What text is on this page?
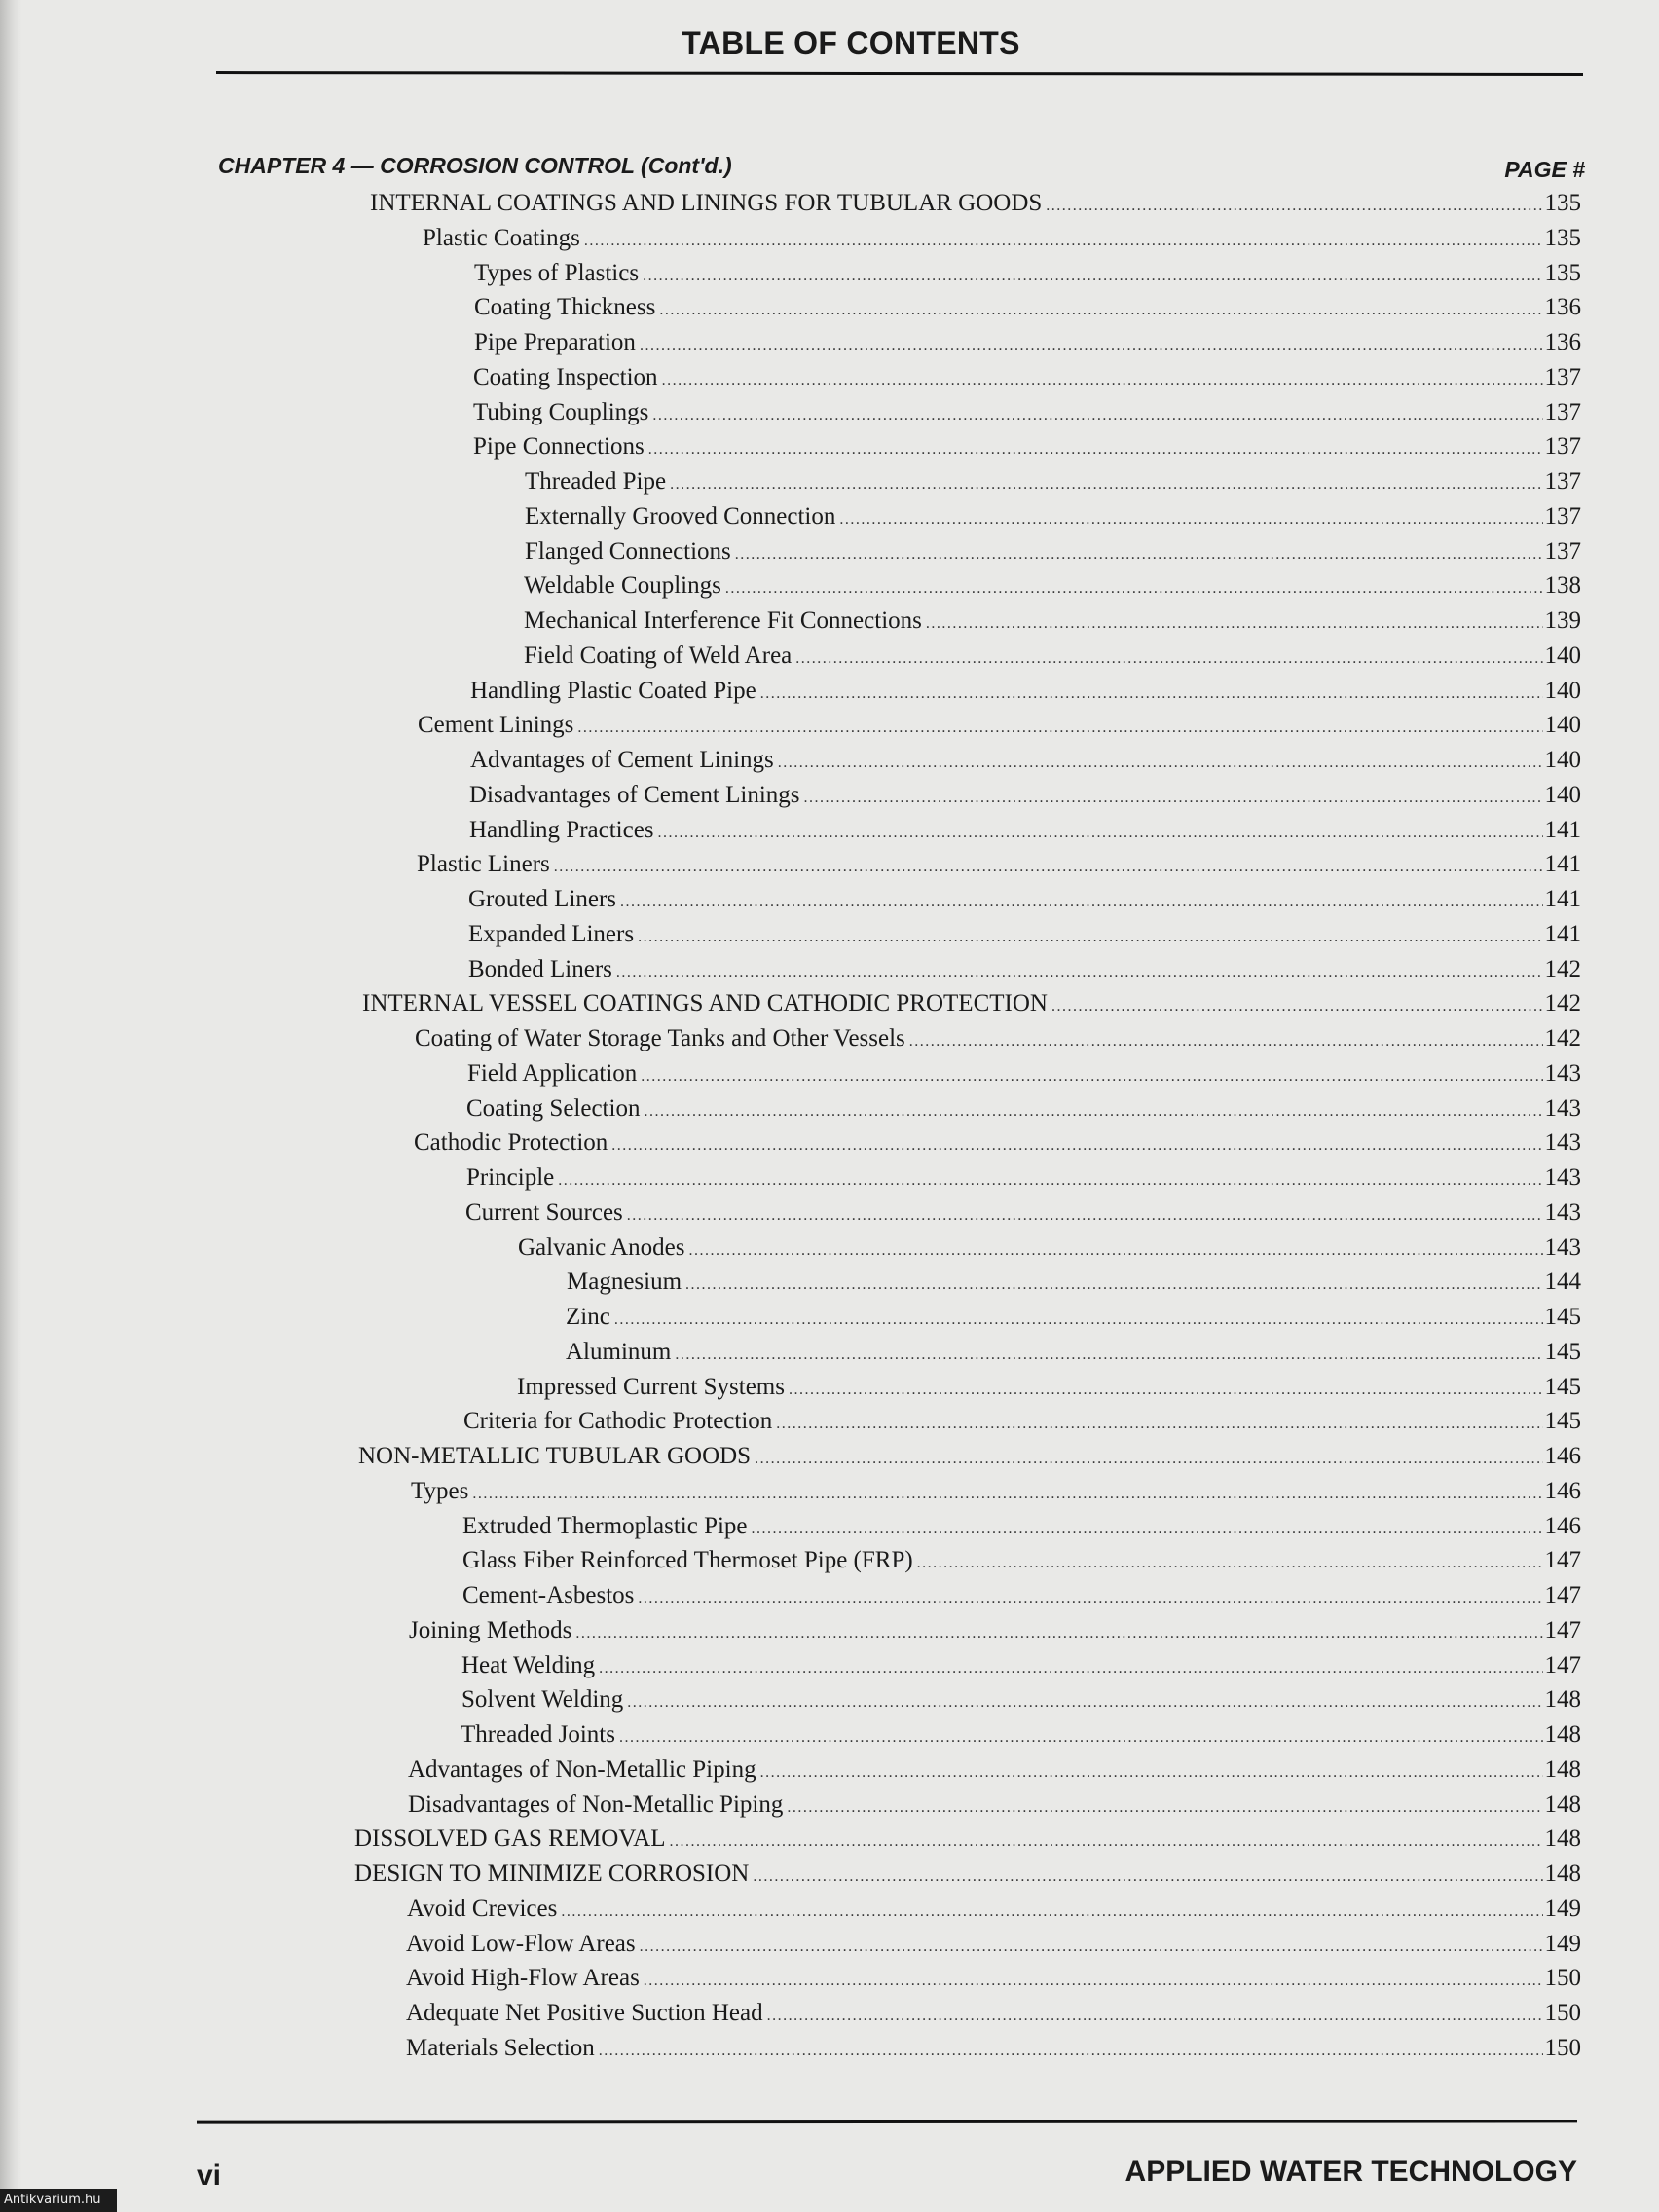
TABLE OF CONTENTS
CHAPTER 4 — CORROSION CONTROL (Cont'd.)	PAGE #
INTERNAL COATINGS AND LININGS FOR TUBULAR GOODS .....	135
Plastic Coatings .....	135
Types of Plastics .....	135
Coating Thickness .....	136
Pipe Preparation .....	136
Coating Inspection .....	137
Tubing Couplings .....	137
Pipe Connections .....	137
Threaded Pipe .....	137
Externally Grooved Connection .....	137
Flanged Connections .....	137
Weldable Couplings .....	138
Mechanical Interference Fit Connections .....	139
Field Coating of Weld Area .....	140
Handling Plastic Coated Pipe .....	140
Cement Linings .....	140
Advantages of Cement Linings .....	140
Disadvantages of Cement Linings .....	140
Handling Practices .....	141
Plastic Liners .....	141
Grouted Liners .....	141
Expanded Liners .....	141
Bonded Liners .....	142
INTERNAL VESSEL COATINGS AND CATHODIC PROTECTION .....	142
Coating of Water Storage Tanks and Other Vessels .....	142
Field Application .....	143
Coating Selection .....	143
Cathodic Protection .....	143
Principle .....	143
Current Sources .....	143
Galvanic Anodes .....	143
Magnesium .....	144
Zinc .....	145
Aluminum .....	145
Impressed Current Systems .....	145
Criteria for Cathodic Protection .....	145
NON-METALLIC TUBULAR GOODS .....	146
Types .....	146
Extruded Thermoplastic Pipe .....	146
Glass Fiber Reinforced Thermoset Pipe (FRP) .....	147
Cement-Asbestos .....	147
Joining Methods .....	147
Heat Welding .....	147
Solvent Welding .....	148
Threaded Joints .....	148
Advantages of Non-Metallic Piping .....	148
Disadvantages of Non-Metallic Piping .....	148
DISSOLVED GAS REMOVAL .....	148
DESIGN TO MINIMIZE CORROSION .....	148
Avoid Crevices .....	149
Avoid Low-Flow Areas .....	149
Avoid High-Flow Areas .....	150
Adequate Net Positive Suction Head .....	150
Materials Selection .....	150
vi	APPLIED WATER TECHNOLOGY
Antikvarium.hu
